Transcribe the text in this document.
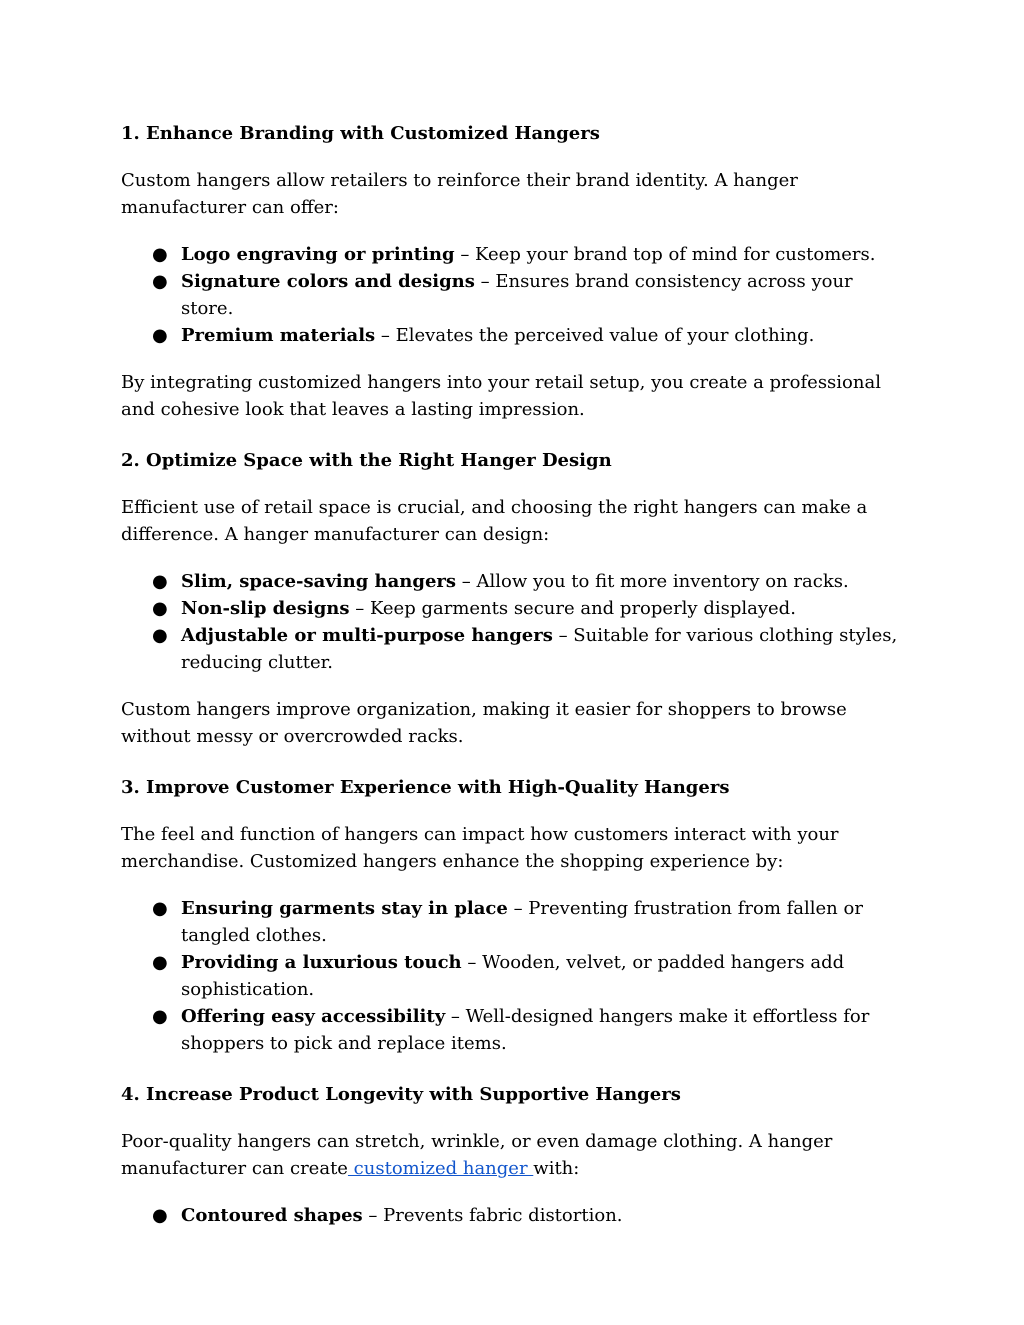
1. Enhance Branding with Customized Hangers

Custom hangers allow retailers to reinforce their brand identity. A hanger manufacturer can offer:

● Logo engraving or printing – Keep your brand top of mind for customers.
● Signature colors and designs – Ensures brand consistency across your store.
● Premium materials – Elevates the perceived value of your clothing.

By integrating customized hangers into your retail setup, you create a professional and cohesive look that leaves a lasting impression.

2. Optimize Space with the Right Hanger Design

Efficient use of retail space is crucial, and choosing the right hangers can make a difference. A hanger manufacturer can design:

● Slim, space-saving hangers – Allow you to fit more inventory on racks.
● Non-slip designs – Keep garments secure and properly displayed.
● Adjustable or multi-purpose hangers – Suitable for various clothing styles, reducing clutter.

Custom hangers improve organization, making it easier for shoppers to browse without messy or overcrowded racks.

3. Improve Customer Experience with High-Quality Hangers

The feel and function of hangers can impact how customers interact with your merchandise. Customized hangers enhance the shopping experience by:

● Ensuring garments stay in place – Preventing frustration from fallen or tangled clothes.
● Providing a luxurious touch – Wooden, velvet, or padded hangers add sophistication.
● Offering easy accessibility – Well-designed hangers make it effortless for shoppers to pick and replace items.
4. Increase Product Longevity with Supportive Hangers

Poor-quality hangers can stretch, wrinkle, or even damage clothing. A hanger manufacturer can create customized hanger with:

● Contoured shapes – Prevents fabric distortion.
